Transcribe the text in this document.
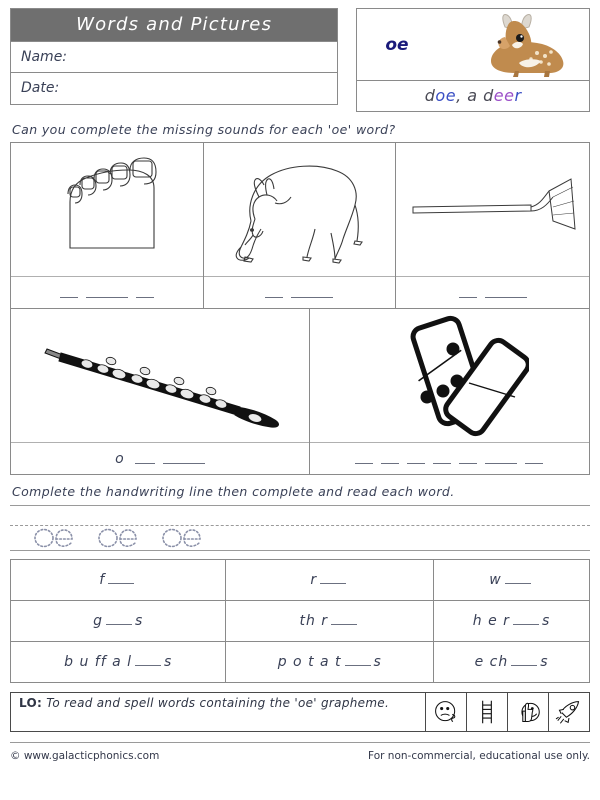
Words and Pictures
Name:
Date:
oe
doe, a deer
Can you complete the missing sounds for each 'oe' word?
o
Complete the handwriting line then complete and read each word.
f	r	w
g s	th r	h e r s
b u ff a l s	p o t a t s	e ch s
LO: To read and spell words containing the 'oe' grapheme.
© www.galacticphonics.com	For non-commercial, educational use only.
